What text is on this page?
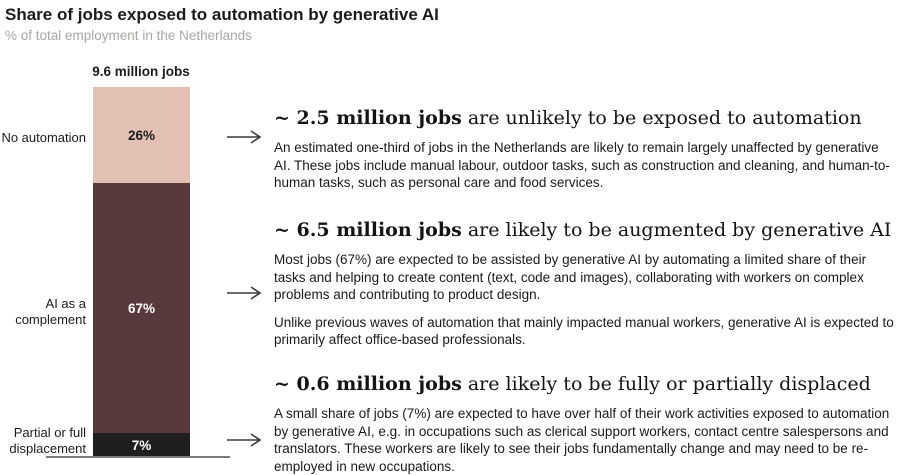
Share of jobs exposed to automation by generative AI
% of total employment in the Netherlands
9.6 million jobs
26%
67%
7%
No automation
AI as a complement
Partial or full displacement
~ 2.5 million jobs are unlikely to be exposed to automation

An estimated one-third of jobs in the Netherlands are likely to remain largely unaffected by generative AI. These jobs include manual labour, outdoor tasks, such as construction and cleaning, and human-to-human tasks, such as personal care and food services.

~ 6.5 million jobs are likely to be augmented by generative AI

Most jobs (67%) are expected to be assisted by generative AI by automating a limited share of their tasks and helping to create content (text, code and images), collaborating with workers on complex problems and contributing to product design.

Unlike previous waves of automation that mainly impacted manual workers, generative AI is expected to primarily affect office-based professionals.

~ 0.6 million jobs are likely to be fully or partially displaced

A small share of jobs (7%) are expected to have over half of their work activities exposed to automation by generative AI, e.g. in occupations such as clerical support workers, contact centre salespersons and translators. These workers are likely to see their jobs fundamentally change and may need to be re-employed in new occupations.
